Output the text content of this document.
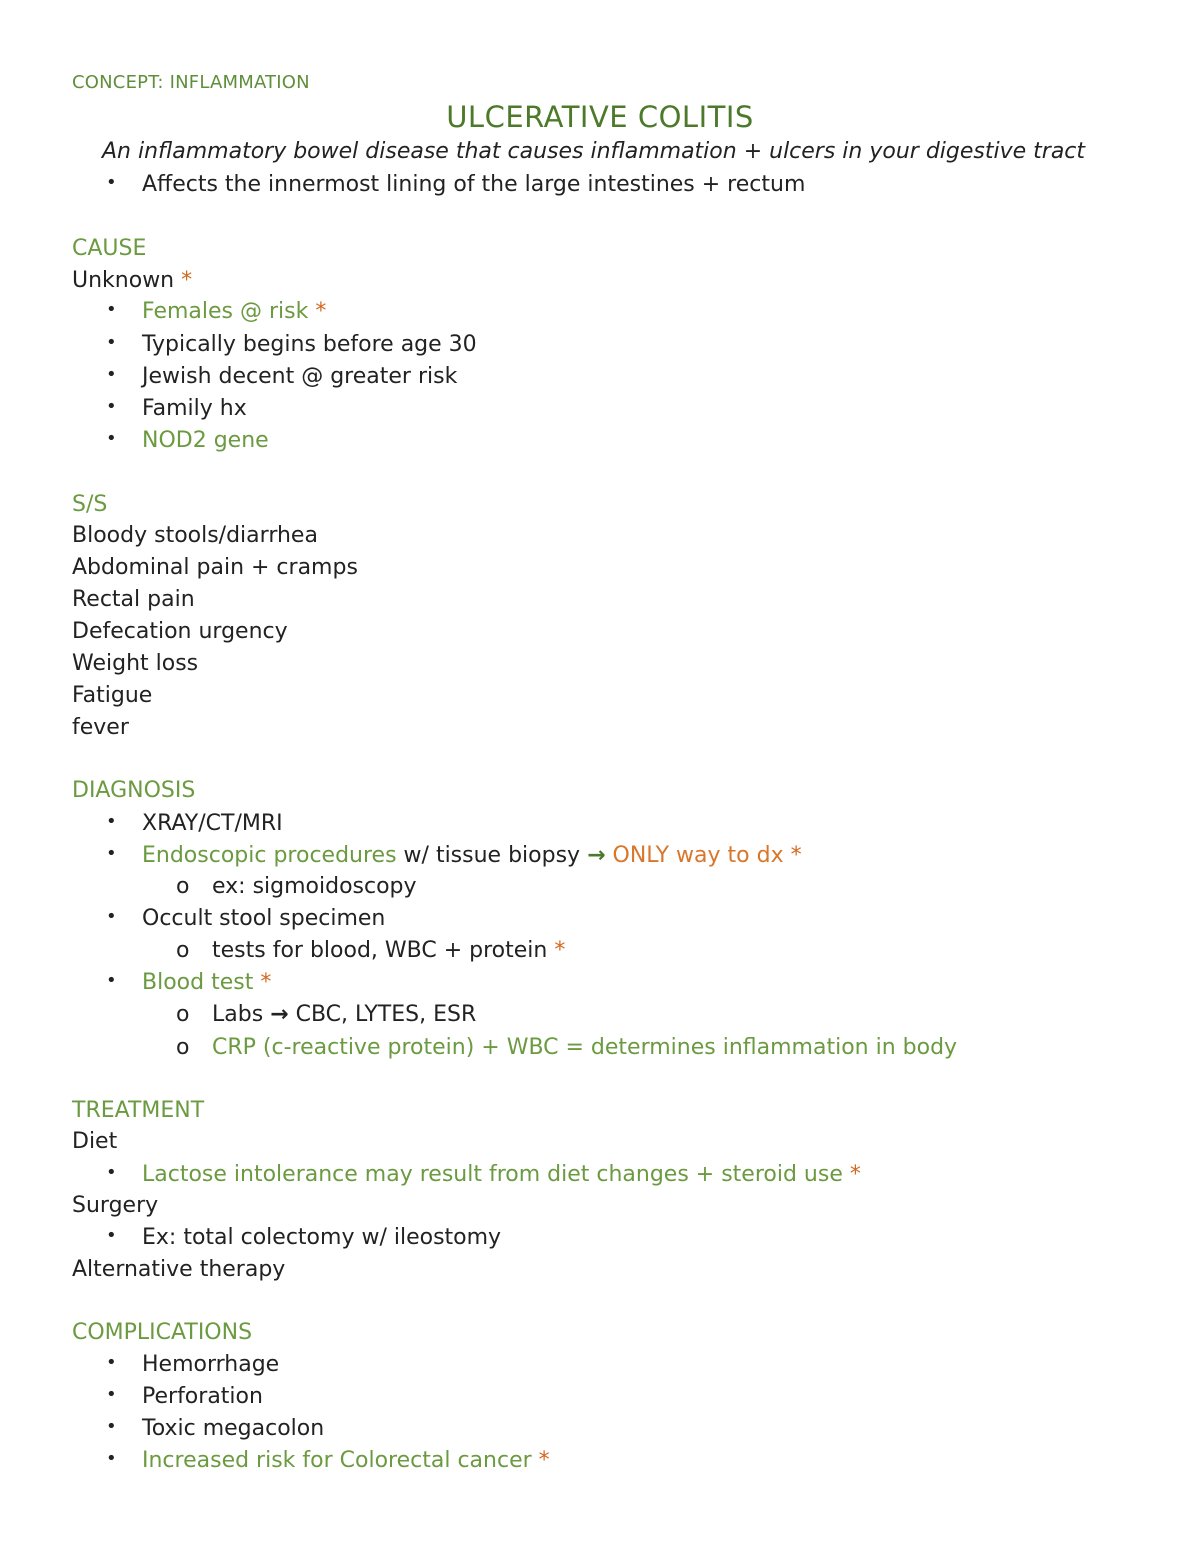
CONCEPT: INFLAMMATION
ULCERATIVE COLITIS
An inflammatory bowel disease that causes inflammation + ulcers in your digestive tract
• Affects the innermost lining of the large intestines + rectum
CAUSE
Unknown *
• Females @ risk *
• Typically begins before age 30
• Jewish decent @ greater risk
• Family hx
• NOD2 gene
S/S
Bloody stools/diarrhea
Abdominal pain + cramps
Rectal pain
Defecation urgency
Weight loss
Fatigue
fever
DIAGNOSIS
• XRAY/CT/MRI
• Endoscopic procedures w/ tissue biopsy → ONLY way to dx *
o ex: sigmoidoscopy
• Occult stool specimen
o tests for blood, WBC + protein *
• Blood test *
o Labs → CBC, LYTES, ESR
o CRP (c-reactive protein) + WBC = determines inflammation in body
TREATMENT
Diet
• Lactose intolerance may result from diet changes + steroid use *
Surgery
• Ex: total colectomy w/ ileostomy
Alternative therapy
COMPLICATIONS
• Hemorrhage
• Perforation
• Toxic megacolon
• Increased risk for Colorectal cancer *
